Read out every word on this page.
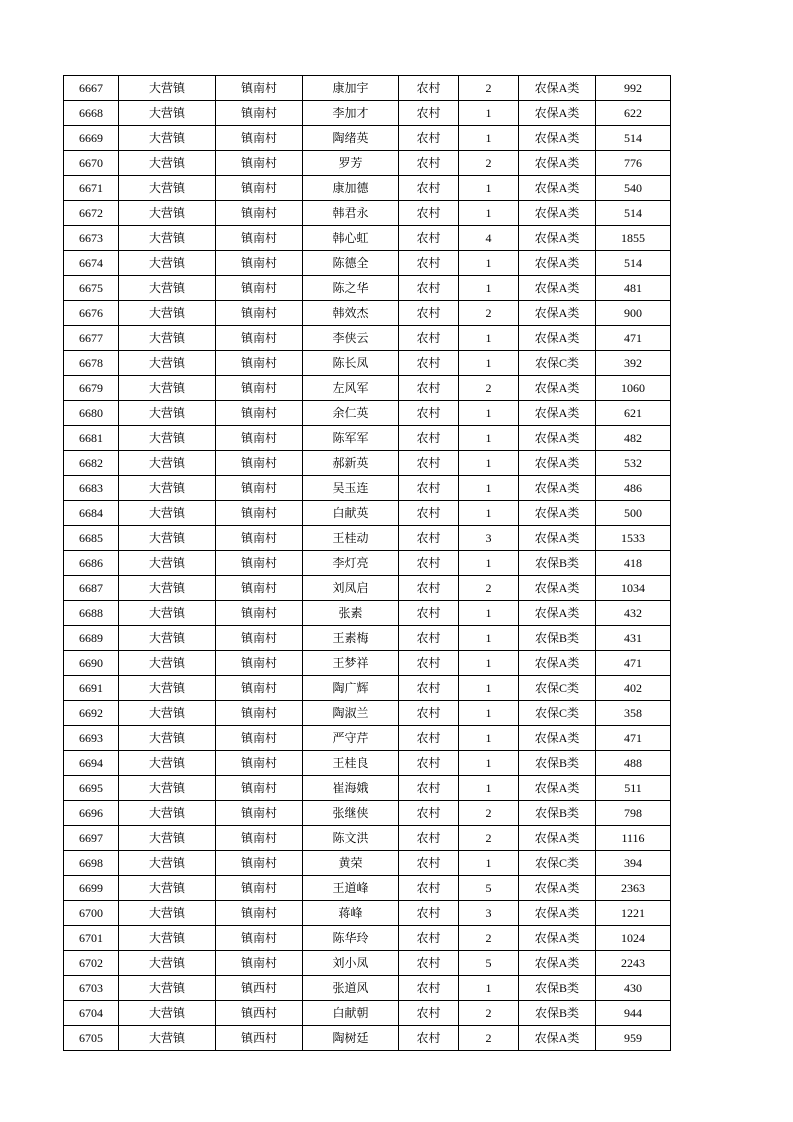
6667	大营镇	镇南村	康加宇	农村	2	农保A类	992
6668	大营镇	镇南村	李加才	农村	1	农保A类	622
6669	大营镇	镇南村	陶绪英	农村	1	农保A类	514
6670	大营镇	镇南村	罗芳	农村	2	农保A类	776
6671	大营镇	镇南村	康加德	农村	1	农保A类	540
6672	大营镇	镇南村	韩君永	农村	1	农保A类	514
6673	大营镇	镇南村	韩心虹	农村	4	农保A类	1855
6674	大营镇	镇南村	陈德全	农村	1	农保A类	514
6675	大营镇	镇南村	陈之华	农村	1	农保A类	481
6676	大营镇	镇南村	韩效杰	农村	2	农保A类	900
6677	大营镇	镇南村	李侠云	农村	1	农保A类	471
6678	大营镇	镇南村	陈长凤	农村	1	农保C类	392
6679	大营镇	镇南村	左风军	农村	2	农保A类	1060
6680	大营镇	镇南村	余仁英	农村	1	农保A类	621
6681	大营镇	镇南村	陈军军	农村	1	农保A类	482
6682	大营镇	镇南村	郝新英	农村	1	农保A类	532
6683	大营镇	镇南村	吴玉连	农村	1	农保A类	486
6684	大营镇	镇南村	白献英	农村	1	农保A类	500
6685	大营镇	镇南村	王桂动	农村	3	农保A类	1533
6686	大营镇	镇南村	李灯亮	农村	1	农保B类	418
6687	大营镇	镇南村	刘凤启	农村	2	农保A类	1034
6688	大营镇	镇南村	张素	农村	1	农保A类	432
6689	大营镇	镇南村	王素梅	农村	1	农保B类	431
6690	大营镇	镇南村	王梦祥	农村	1	农保A类	471
6691	大营镇	镇南村	陶广辉	农村	1	农保C类	402
6692	大营镇	镇南村	陶淑兰	农村	1	农保C类	358
6693	大营镇	镇南村	严守芹	农村	1	农保A类	471
6694	大营镇	镇南村	王桂良	农村	1	农保B类	488
6695	大营镇	镇南村	崔海娥	农村	1	农保A类	511
6696	大营镇	镇南村	张继侠	农村	2	农保B类	798
6697	大营镇	镇南村	陈文洪	农村	2	农保A类	1116
6698	大营镇	镇南村	黄荣	农村	1	农保C类	394
6699	大营镇	镇南村	王道峰	农村	5	农保A类	2363
6700	大营镇	镇南村	蒋峰	农村	3	农保A类	1221
6701	大营镇	镇南村	陈华玲	农村	2	农保A类	1024
6702	大营镇	镇南村	刘小凤	农村	5	农保A类	2243
6703	大营镇	镇西村	张道风	农村	1	农保B类	430
6704	大营镇	镇西村	白献朝	农村	2	农保B类	944
6705	大营镇	镇西村	陶树廷	农村	2	农保A类	959
